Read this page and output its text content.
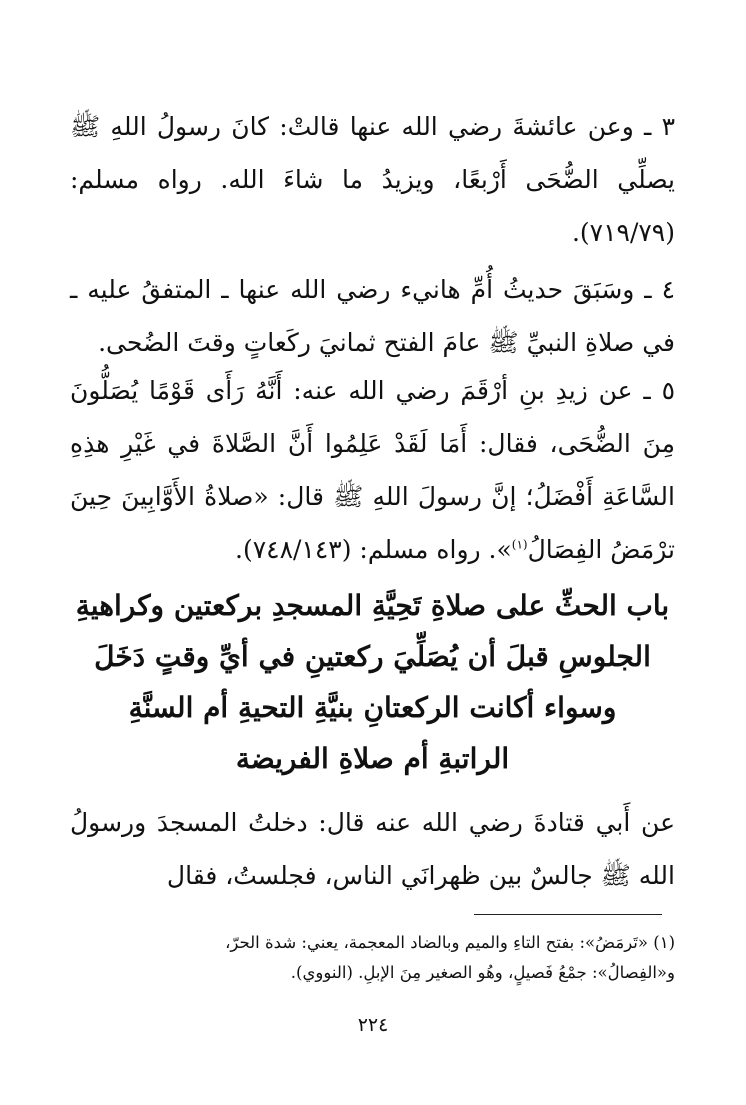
٣ ـ وعن عائشةَ رضي الله عنها قالتْ: كانَ رسولُ اللهِ ﷺ يصلِّي الضُّحَى أَرْبعًا، ويزيدُ ما شاءَ الله. رواه مسلم: (٧١٩/٧٩).

٤ ـ وسَبَقَ حديثُ أُمِّ هانيء رضي الله عنها ـ المتفقُ عليه ـ في صلاةِ النبيِّ ﷺ عامَ الفتح ثمانيَ ركَعاتٍ وقتَ الضُحى.

٥ ـ عن زيدِ بنِ أرْقَمَ رضي الله عنه: أَنَّهُ رَأَى قَوْمًا يُصَلُّونَ مِنَ الضُّحَى، فقال: أَمَا لَقَدْ عَلِمُوا أَنَّ الصَّلاةَ في غَيْرِ هذِهِ السَّاعَةِ أَفْضَلُ؛ إنَّ رسولَ اللهِ ﷺ قال: «صلاةُ الأَوَّابِينَ حِينَ ترْمَضُ الفِصَالُ$^{(١)}$». رواه مسلم: (٧٤٨/١٤٣).

باب الحثِّ على صلاةِ تَحِيَّةِ المسجدِ بركعتين وكراهيةِ
الجلوسِ قبلَ أن يُصَلِّيَ ركعتينِ في أيِّ وقتٍ دَخَلَ
وسواء أكانت الركعتانِ بنيَّةِ التحيةِ أم السنَّةِ
الراتبةِ أم صلاةِ الفريضة

عن أَبي قتادةَ رضي الله عنه قال: دخلتُ المسجدَ ورسولُ الله ﷺ جالسٌ بين ظهرانَي الناس، فجلستُ، فقال

(١) «تَرمَضُ»: بفتح التاءِ والميم وبالضاد المعجمة، يعني: شدة الحرّ،
و«الفِصالُ»: جمْعُ فَصيلٍ، وهُو الصغير مِنَ الإبلِ. (النووي).
٢٢٤
